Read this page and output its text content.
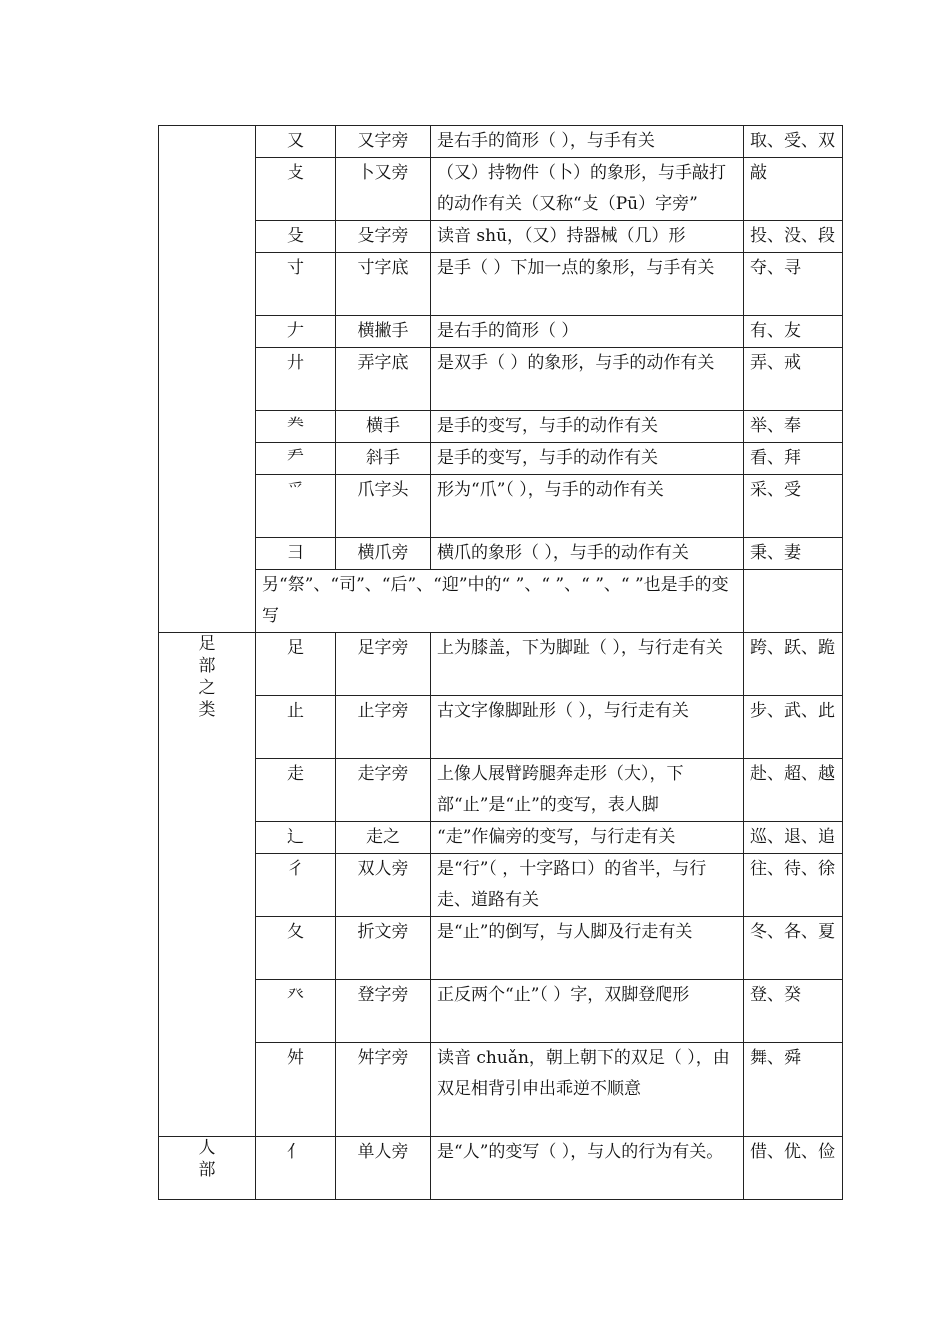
	又	又字旁	是右手的简形（ ），与手有关	取、受、双
	攴	卜又旁	（又）持物件（卜）的象形，与手敲打的动作有关（又称“攴（Pū）字旁”	敲
	殳	殳字旁	读音 shū，（又）持器械（几）形	投、没、段
	寸	寸字底	是手（ ）下加一点的象形，与手有关	夺、寻
	𠂇	横撇手	是右手的简形（ ）	有、友
	廾	弄字底	是双手（ ）的象形，与手的动作有关	弄、戒
	龹	横手	是手的变写，与手的动作有关	举、奉
	龵	斜手	是手的变写，与手的动作有关	看、拜
	爫	爪字头	形为“爪”（ ），与手的动作有关	采、受
	彐	横爪旁	横爪的象形（ ），与手的动作有关	秉、妻
	另“祭”、“司”、“后”、“迎”中的“ ”、“ ”、“ ”、“ ”也是手的变写			
足部之类	足	足字旁	上为膝盖，下为脚趾（ ），与行走有关	跨、跃、跪
	止	止字旁	古文字像脚趾形（ ），与行走有关	步、武、此
	走	走字旁	上像人展臂跨腿奔走形（大），下部“止”是“止”的变写，表人脚	赴、超、越
	辶	走之	“走”作偏旁的变写，与行走有关	巡、退、追
	彳	双人旁	是“行”（ ，十字路口）的省半，与行走、道路有关	往、待、徐
	夂	折文旁	是“止”的倒写，与人脚及行走有关	冬、各、夏
	癶	登字旁	正反两个“止”（ ）字，双脚登爬形	登、癸
	舛	舛字旁	读音 chuǎn，朝上朝下的双足（ ），由双足相背引申出乖逆不顺意	舞、舜
人部	亻	单人旁	是“人”的变写（ ），与人的行为有关。	借、优、俭
